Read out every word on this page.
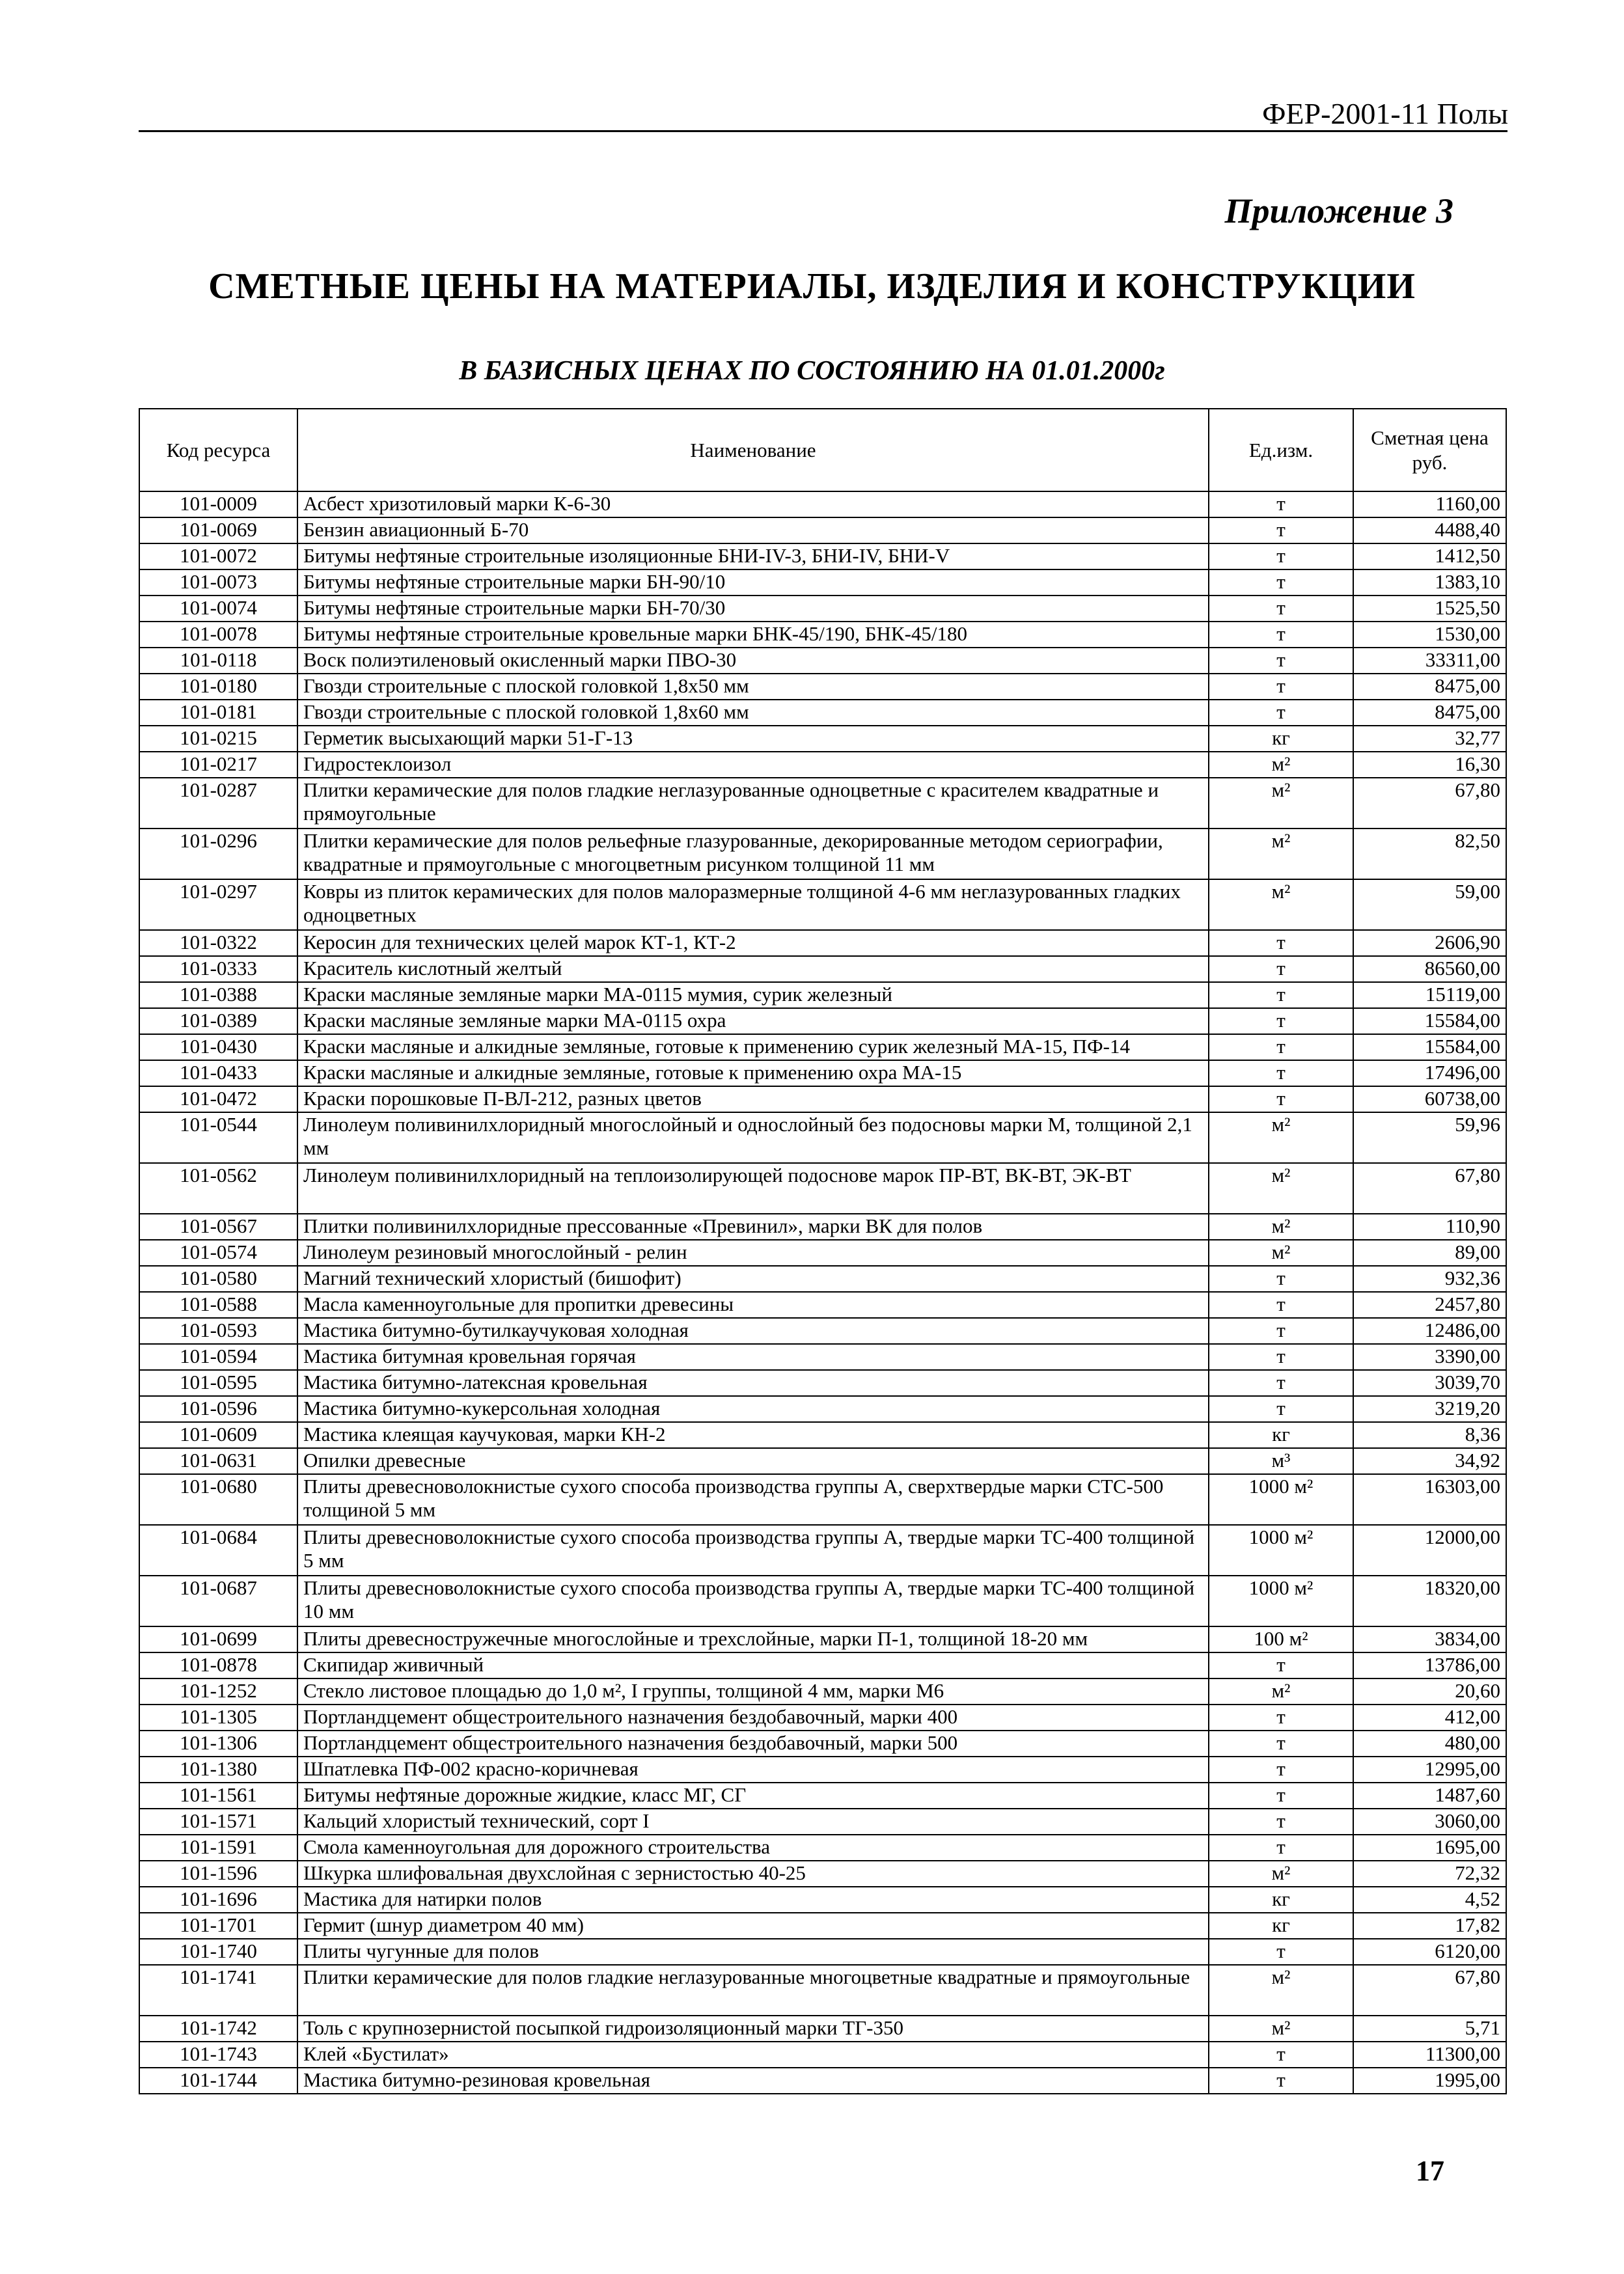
ФЕР-2001-11 Полы
Приложение 3
СМЕТНЫЕ ЦЕНЫ НА МАТЕРИАЛЫ, ИЗДЕЛИЯ И КОНСТРУКЦИИ
В БАЗИСНЫХ ЦЕНАХ ПО СОСТОЯНИЮ НА 01.01.2000г
Код ресурса	Наименование	Ед.изм.	Сметная цена руб.
101-0009	Асбест хризотиловый марки К-6-30	т	1160,00
101-0069	Бензин авиационный Б-70	т	4488,40
101-0072	Битумы нефтяные строительные изоляционные БНИ-IV-3, БНИ-IV, БНИ-V	т	1412,50
101-0073	Битумы нефтяные строительные марки БН-90/10	т	1383,10
101-0074	Битумы нефтяные строительные марки БН-70/30	т	1525,50
101-0078	Битумы нефтяные строительные кровельные марки БНК-45/190, БНК-45/180	т	1530,00
101-0118	Воск полиэтиленовый окисленный марки ПВО-30	т	33311,00
101-0180	Гвозди строительные с плоской головкой 1,8х50 мм	т	8475,00
101-0181	Гвозди строительные с плоской головкой 1,8х60 мм	т	8475,00
101-0215	Герметик высыхающий марки 51-Г-13	кг	32,77
101-0217	Гидростеклоизол	м²	16,30
101-0287	Плитки керамические для полов гладкие неглазурованные одноцветные с красителем квадратные и прямоугольные	м²	67,80
101-0296	Плитки керамические для полов рельефные глазурованные, декорированные методом сериографии, квадратные и прямоугольные с многоцветным рисунком толщиной 11 мм	м²	82,50
101-0297	Ковры из плиток керамических для полов малоразмерные толщиной 4-6 мм неглазурованных гладких одноцветных	м²	59,00
101-0322	Керосин для технических целей марок КТ-1, КТ-2	т	2606,90
101-0333	Краситель кислотный желтый	т	86560,00
101-0388	Краски масляные земляные марки МА-0115 мумия, сурик железный	т	15119,00
101-0389	Краски масляные земляные марки МА-0115 охра	т	15584,00
101-0430	Краски масляные и алкидные земляные, готовые к применению сурик железный МА-15, ПФ-14	т	15584,00
101-0433	Краски масляные и алкидные земляные, готовые к применению охра МА-15	т	17496,00
101-0472	Краски порошковые П-ВЛ-212, разных цветов	т	60738,00
101-0544	Линолеум поливинилхлоридный многослойный и однослойный без подосновы марки М, толщиной 2,1 мм	м²	59,96
101-0562	Линолеум поливинилхлоридный на теплоизолирующей подоснове марок ПР-ВТ, ВК-ВТ, ЭК-ВТ	м²	67,80
101-0567	Плитки поливинилхлоридные прессованные «Превинил», марки ВК для полов	м²	110,90
101-0574	Линолеум резиновый многослойный - релин	м²	89,00
101-0580	Магний технический хлористый (бишофит)	т	932,36
101-0588	Масла каменноугольные для пропитки древесины	т	2457,80
101-0593	Мастика битумно-бутилкаучуковая холодная	т	12486,00
101-0594	Мастика битумная кровельная горячая	т	3390,00
101-0595	Мастика битумно-латексная кровельная	т	3039,70
101-0596	Мастика битумно-кукерсольная холодная	т	3219,20
101-0609	Мастика клеящая каучуковая, марки КН-2	кг	8,36
101-0631	Опилки древесные	м³	34,92
101-0680	Плиты древесноволокнистые сухого способа производства группы А, сверхтвердые марки СТС-500 толщиной 5 мм	1000 м²	16303,00
101-0684	Плиты древесноволокнистые сухого способа производства группы А, твердые марки ТС-400 толщиной 5 мм	1000 м²	12000,00
101-0687	Плиты древесноволокнистые сухого способа производства группы А, твердые марки ТС-400 толщиной 10 мм	1000 м²	18320,00
101-0699	Плиты древесностружечные многослойные и трехслойные, марки П-1, толщиной 18-20 мм	100 м²	3834,00
101-0878	Скипидар живичный	т	13786,00
101-1252	Стекло листовое площадью до 1,0 м², I группы, толщиной 4 мм, марки М6	м²	20,60
101-1305	Портландцемент общестроительного назначения бездобавочный, марки 400	т	412,00
101-1306	Портландцемент общестроительного назначения бездобавочный, марки 500	т	480,00
101-1380	Шпатлевка ПФ-002 красно-коричневая	т	12995,00
101-1561	Битумы нефтяные дорожные жидкие, класс МГ, СГ	т	1487,60
101-1571	Кальций хлористый технический, сорт I	т	3060,00
101-1591	Смола каменноугольная для дорожного строительства	т	1695,00
101-1596	Шкурка шлифовальная двухслойная с зернистостью 40-25	м²	72,32
101-1696	Мастика для натирки полов	кг	4,52
101-1701	Гермит (шнур диаметром 40 мм)	кг	17,82
101-1740	Плиты чугунные для полов	т	6120,00
101-1741	Плитки керамические для полов гладкие неглазурованные многоцветные квадратные и прямоугольные	м²	67,80
101-1742	Толь с крупнозернистой посыпкой гидроизоляционный марки ТГ-350	м²	5,71
101-1743	Клей «Бустилат»	т	11300,00
101-1744	Мастика битумно-резиновая кровельная	т	1995,00
17
